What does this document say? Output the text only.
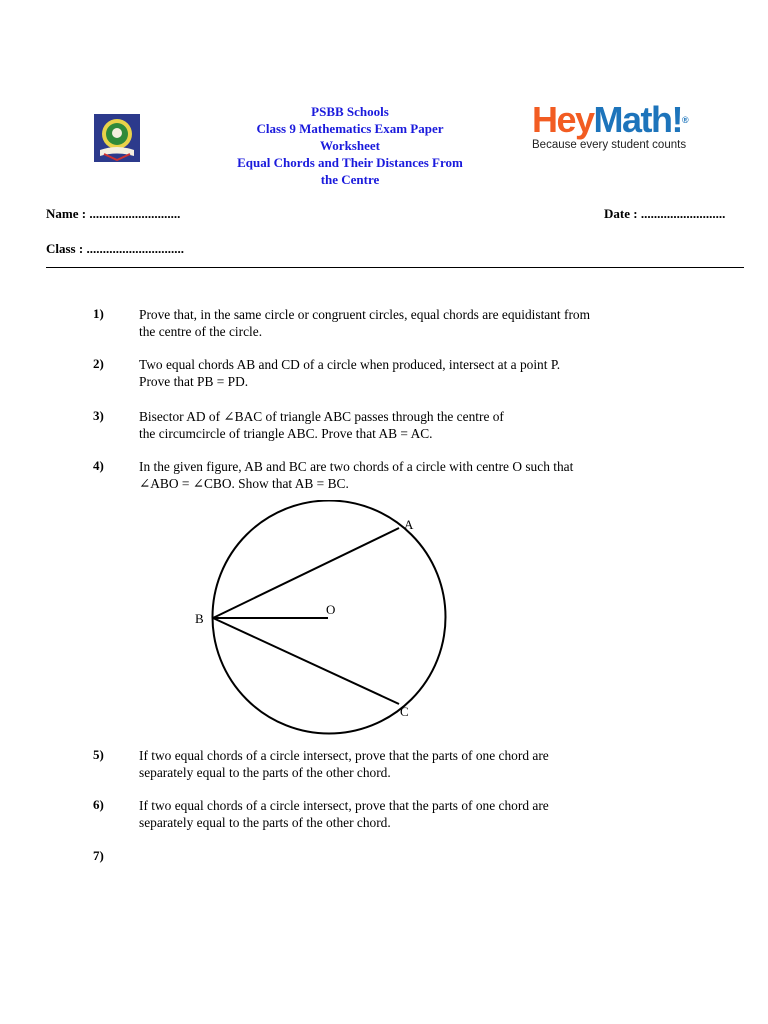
PSBB Schools
Class 9 Mathematics Exam Paper
Worksheet
Equal Chords and Their Distances From
the Centre
HeyMath!®
Because every student counts
Name : ............................	Date : ..........................
Class : ..............................
1)	Prove that, in the same circle or congruent circles, equal chords are equidistant from
the centre of the circle.
2)	Two equal chords AB and CD of a circle when produced, intersect at a point P.
Prove that PB = PD.
3)	Bisector AD of ∠BAC of triangle ABC passes through the centre of
the circumcircle of triangle ABC. Prove that AB = AC.
4)	In the given figure, AB and BC are two chords of a circle with centre O such that
∠ABO = ∠CBO. Show that AB = BC.
A
B
C
O
5)	If two equal chords of a circle intersect, prove that the parts of one chord are
separately equal to the parts of the other chord.
6)	If two equal chords of a circle intersect, prove that the parts of one chord are
separately equal to the parts of the other chord.
7)
